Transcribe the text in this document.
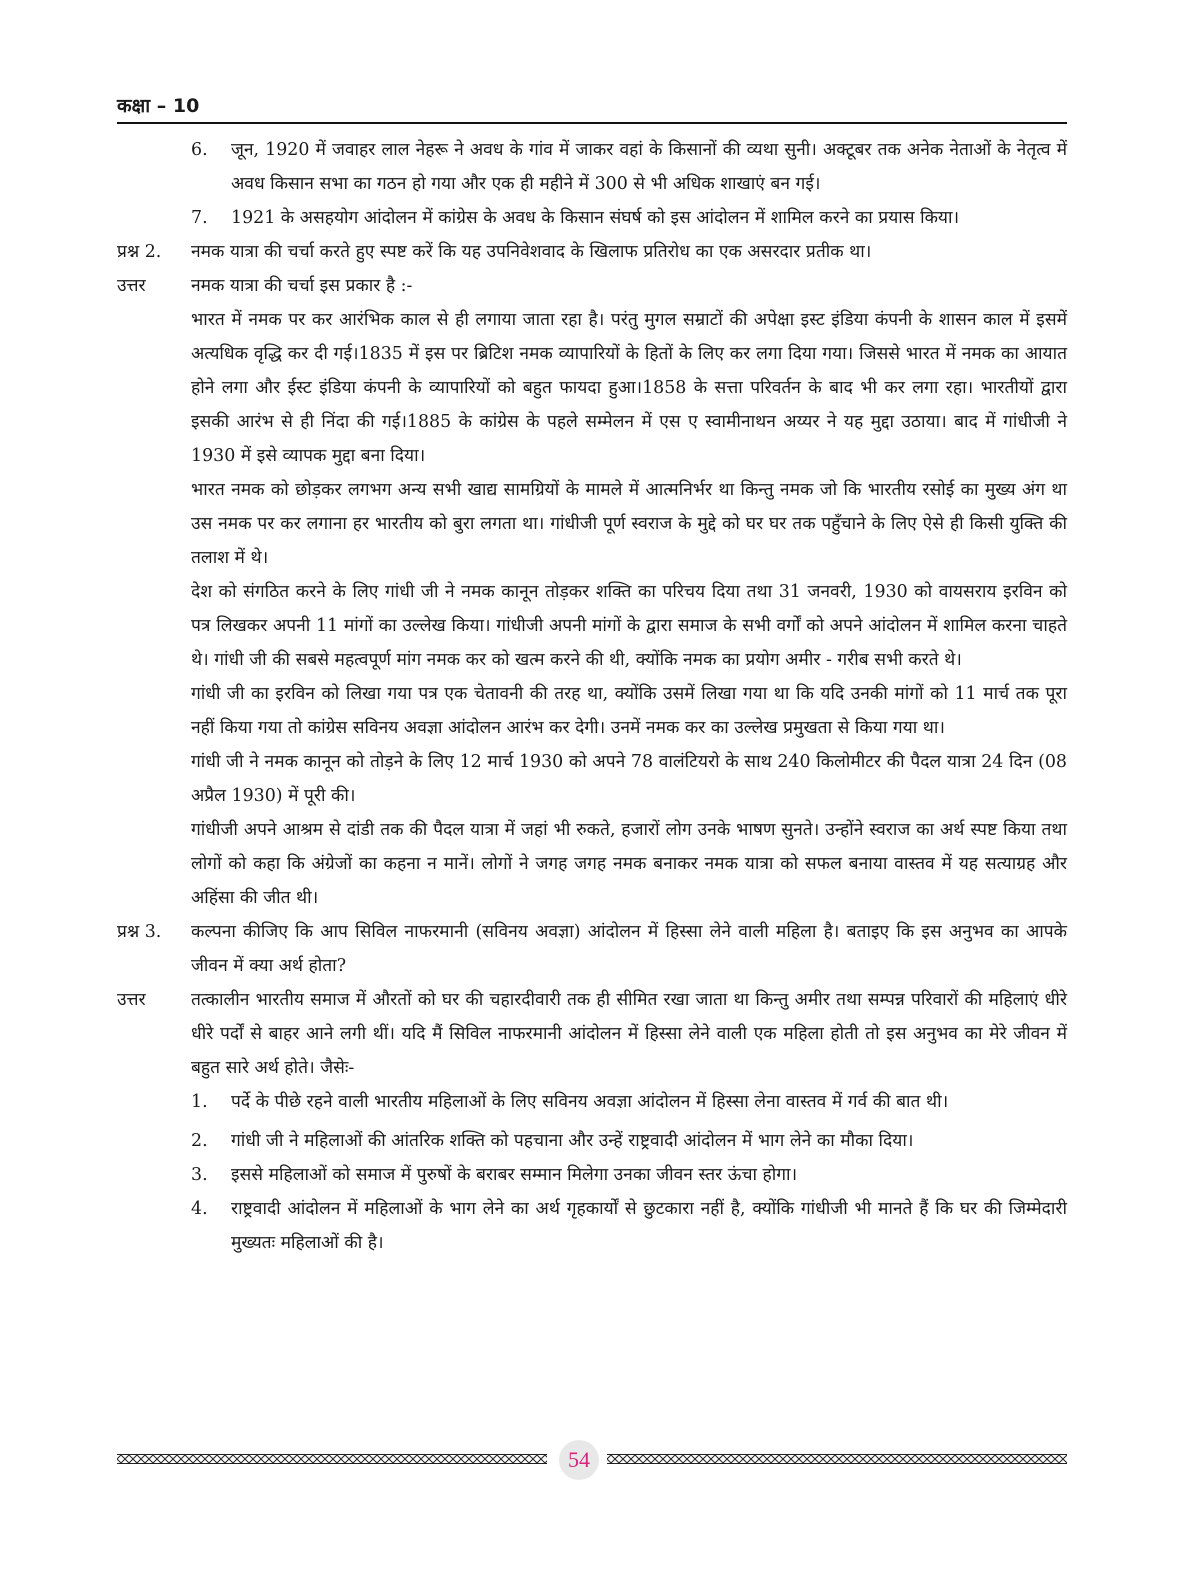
कक्षा – 10
6. जून, 1920 में जवाहर लाल नेहरू ने अवध के गांव में जाकर वहां के किसानों की व्यथा सुनी। अक्टूबर तक अनेक नेताओं के नेतृत्व में अवध किसान सभा का गठन हो गया और एक ही महीने में 300 से भी अधिक शाखाएं बन गई।
7. 1921 के असहयोग आंदोलन में कांग्रेस के अवध के किसान संघर्ष को इस आंदोलन में शामिल करने का प्रयास किया।
प्रश्न 2. नमक यात्रा की चर्चा करते हुए स्पष्ट करें कि यह उपनिवेशवाद के खिलाफ प्रतिरोध का एक असरदार प्रतीक था।
उत्तर	नमक यात्रा की चर्चा इस प्रकार है :-
भारत में नमक पर कर आरंभिक काल से ही लगाया जाता रहा है। परंतु मुगल सम्राटों की अपेक्षा इस्ट इंडिया कंपनी के शासन काल में इसमें अत्यधिक वृद्धि कर दी गई।1835 में इस पर ब्रिटिश नमक व्यापारियों के हितों के लिए कर लगा दिया गया। जिससे भारत में नमक का आयात होने लगा और ईस्ट इंडिया कंपनी के व्यापारियों को बहुत फायदा हुआ।1858 के सत्ता परिवर्तन के बाद भी कर लगा रहा। भारतीयों द्वारा इसकी आरंभ से ही निंदा की गई।1885 के कांग्रेस के पहले सम्मेलन में एस ए स्वामीनाथन अय्यर ने यह मुद्दा उठाया। बाद में गांधीजी ने 1930 में इसे व्यापक मुद्दा बना दिया।
भारत नमक को छोड़कर लगभग अन्य सभी खाद्य सामग्रियों के मामले में आत्मनिर्भर था किन्तु नमक जो कि भारतीय रसोई का मुख्य अंग था उस नमक पर कर लगाना हर भारतीय को बुरा लगता था। गांधीजी पूर्ण स्वराज के मुद्दे को घर घर तक पहुँचाने के लिए ऐसे ही किसी युक्ति की तलाश में थे।
देश को संगठित करने के लिए गांधी जी ने नमक कानून तोड़कर शक्ति का परिचय दिया तथा 31 जनवरी, 1930 को वायसराय इरविन को पत्र लिखकर अपनी 11 मांगों का उल्लेख किया। गांधीजी अपनी मांगों के द्वारा समाज के सभी वर्गों को अपने आंदोलन में शामिल करना चाहते थे। गांधी जी की सबसे महत्वपूर्ण मांग नमक कर को खत्म करने की थी, क्योंकि नमक का प्रयोग अमीर - गरीब सभी करते थे।
गांधी जी का इरविन को लिखा गया पत्र एक चेतावनी की तरह था, क्योंकि उसमें लिखा गया था कि यदि उनकी मांगों को 11 मार्च तक पूरा नहीं किया गया तो कांग्रेस सविनय अवज्ञा आंदोलन आरंभ कर देगी। उनमें नमक कर का उल्लेख प्रमुखता से किया गया था।
गांधी जी ने नमक कानून को तोड़ने के लिए 12 मार्च 1930 को अपने 78 वालंटियरो के साथ 240 किलोमीटर की पैदल यात्रा 24 दिन (08 अप्रैल 1930) में पूरी की।
गांधीजी अपने आश्रम से दांडी तक की पैदल यात्रा में जहां भी रुकते, हजारों लोग उनके भाषण सुनते। उन्होंने स्वराज का अर्थ स्पष्ट किया तथा लोगों को कहा कि अंग्रेजों का कहना न मानें। लोगों ने जगह जगह नमक बनाकर नमक यात्रा को सफल बनाया वास्तव में यह सत्याग्रह और अहिंसा की जीत थी।
प्रश्न 3. कल्पना कीजिए कि आप सिविल नाफरमानी (सविनय अवज्ञा) आंदोलन में हिस्सा लेने वाली महिला है। बताइए कि इस अनुभव का आपके जीवन में क्या अर्थ होता?
उत्तर	तत्कालीन भारतीय समाज में औरतों को घर की चहारदीवारी तक ही सीमित रखा जाता था किन्तु अमीर तथा सम्पन्न परिवारों की महिलाएं धीरे धीरे पर्दों से बाहर आने लगी थीं। यदि मैं सिविल नाफरमानी आंदोलन में हिस्सा लेने वाली एक महिला होती तो इस अनुभव का मेरे जीवन में बहुत सारे अर्थ होते। जैसेः-
1. पर्दे के पीछे रहने वाली भारतीय महिलाओं के लिए सविनय अवज्ञा आंदोलन में हिस्सा लेना वास्तव में गर्व की बात थी।
2. गांधी जी ने महिलाओं की आंतरिक शक्ति को पहचाना और उन्हें राष्ट्रवादी आंदोलन में भाग लेने का मौका दिया।
3. इससे महिलाओं को समाज में पुरुषों के बराबर सम्मान मिलेगा उनका जीवन स्तर ऊंचा होगा।
4. राष्ट्रवादी आंदोलन में महिलाओं के भाग लेने का अर्थ गृहकार्यों से छुटकारा नहीं है, क्योंकि गांधीजी भी मानते हैं कि घर की जिम्मेदारी मुख्यतः महिलाओं की है।
54
